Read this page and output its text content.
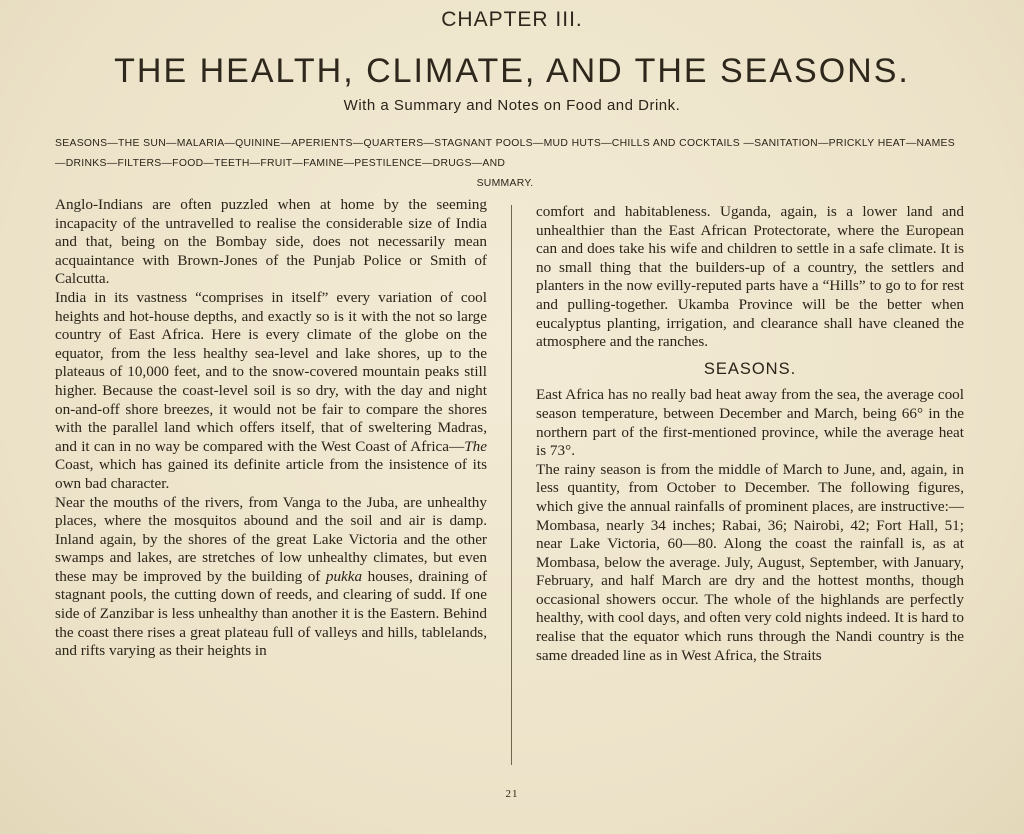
CHAPTER III.
THE HEALTH, CLIMATE, AND THE SEASONS.
With a Summary and Notes on Food and Drink.
SEASONS—THE SUN—MALARIA—QUININE—APERIENTS—QUARTERS—STAGNANT POOLS—MUD HUTS—CHILLS AND COCKTAILS —SANITATION—PRICKLY HEAT—NAMES—DRINKS—FILTERS—FOOD—TEETH—FRUIT—FAMINE—PESTILENCE—DRUGS—AND
SUMMARY.

Anglo-Indians are often puzzled when at home by the seeming incapacity of the untravelled to realise the considerable size of India and that, being on the Bombay side, does not necessarily mean acquaintance with Brown-Jones of the Punjab Police or Smith of Calcutta.

India in its vastness “comprises in itself” every variation of cool heights and hot-house depths, and exactly so is it with the not so large country of East Africa. Here is every climate of the globe on the equator, from the less healthy sea-level and lake shores, up to the plateaus of 10,000 feet, and to the snow-covered mountain peaks still higher. Because the coast-level soil is so dry, with the day and night on-and-off shore breezes, it would not be fair to compare the shores with the parallel land which offers itself, that of sweltering Madras, and it can in no way be compared with the West Coast of Africa—The Coast, which has gained its definite article from the insistence of its own bad character.

Near the mouths of the rivers, from Vanga to the Juba, are unhealthy places, where the mosquitos abound and the soil and air is damp. Inland again, by the shores of the great Lake Victoria and the other swamps and lakes, are stretches of low unhealthy climates, but even these may be improved by the building of pukka houses, draining of stagnant pools, the cutting down of reeds, and clearing of sudd. If one side of Zanzibar is less unhealthy than another it is the Eastern. Behind the coast there rises a great plateau full of valleys and hills, tablelands, and rifts varying as their heights in

comfort and habitableness. Uganda, again, is a lower land and unhealthier than the East African Protectorate, where the European can and does take his wife and children to settle in a safe climate. It is no small thing that the builders-up of a country, the settlers and planters in the now evilly-reputed parts have a “Hills” to go to for rest and pulling-together. Ukamba Province will be the better when eucalyptus planting, irrigation, and clearance shall have cleaned the atmosphere and the ranches.

SEASONS.

East Africa has no really bad heat away from the sea, the average cool season temperature, between December and March, being 66° in the northern part of the first-mentioned province, while the average heat is 73°.

The rainy season is from the middle of March to June, and, again, in less quantity, from October to December. The following figures, which give the annual rainfalls of prominent places, are instructive:—Mombasa, nearly 34 inches; Rabai, 36; Nairobi, 42; Fort Hall, 51; near Lake Victoria, 60—80. Along the coast the rainfall is, as at Mombasa, below the average. July, August, September, with January, February, and half March are dry and the hottest months, though occasional showers occur. The whole of the highlands are perfectly healthy, with cool days, and often very cold nights indeed. It is hard to realise that the equator which runs through the Nandi country is the same dreaded line as in West Africa, the Straits

21
